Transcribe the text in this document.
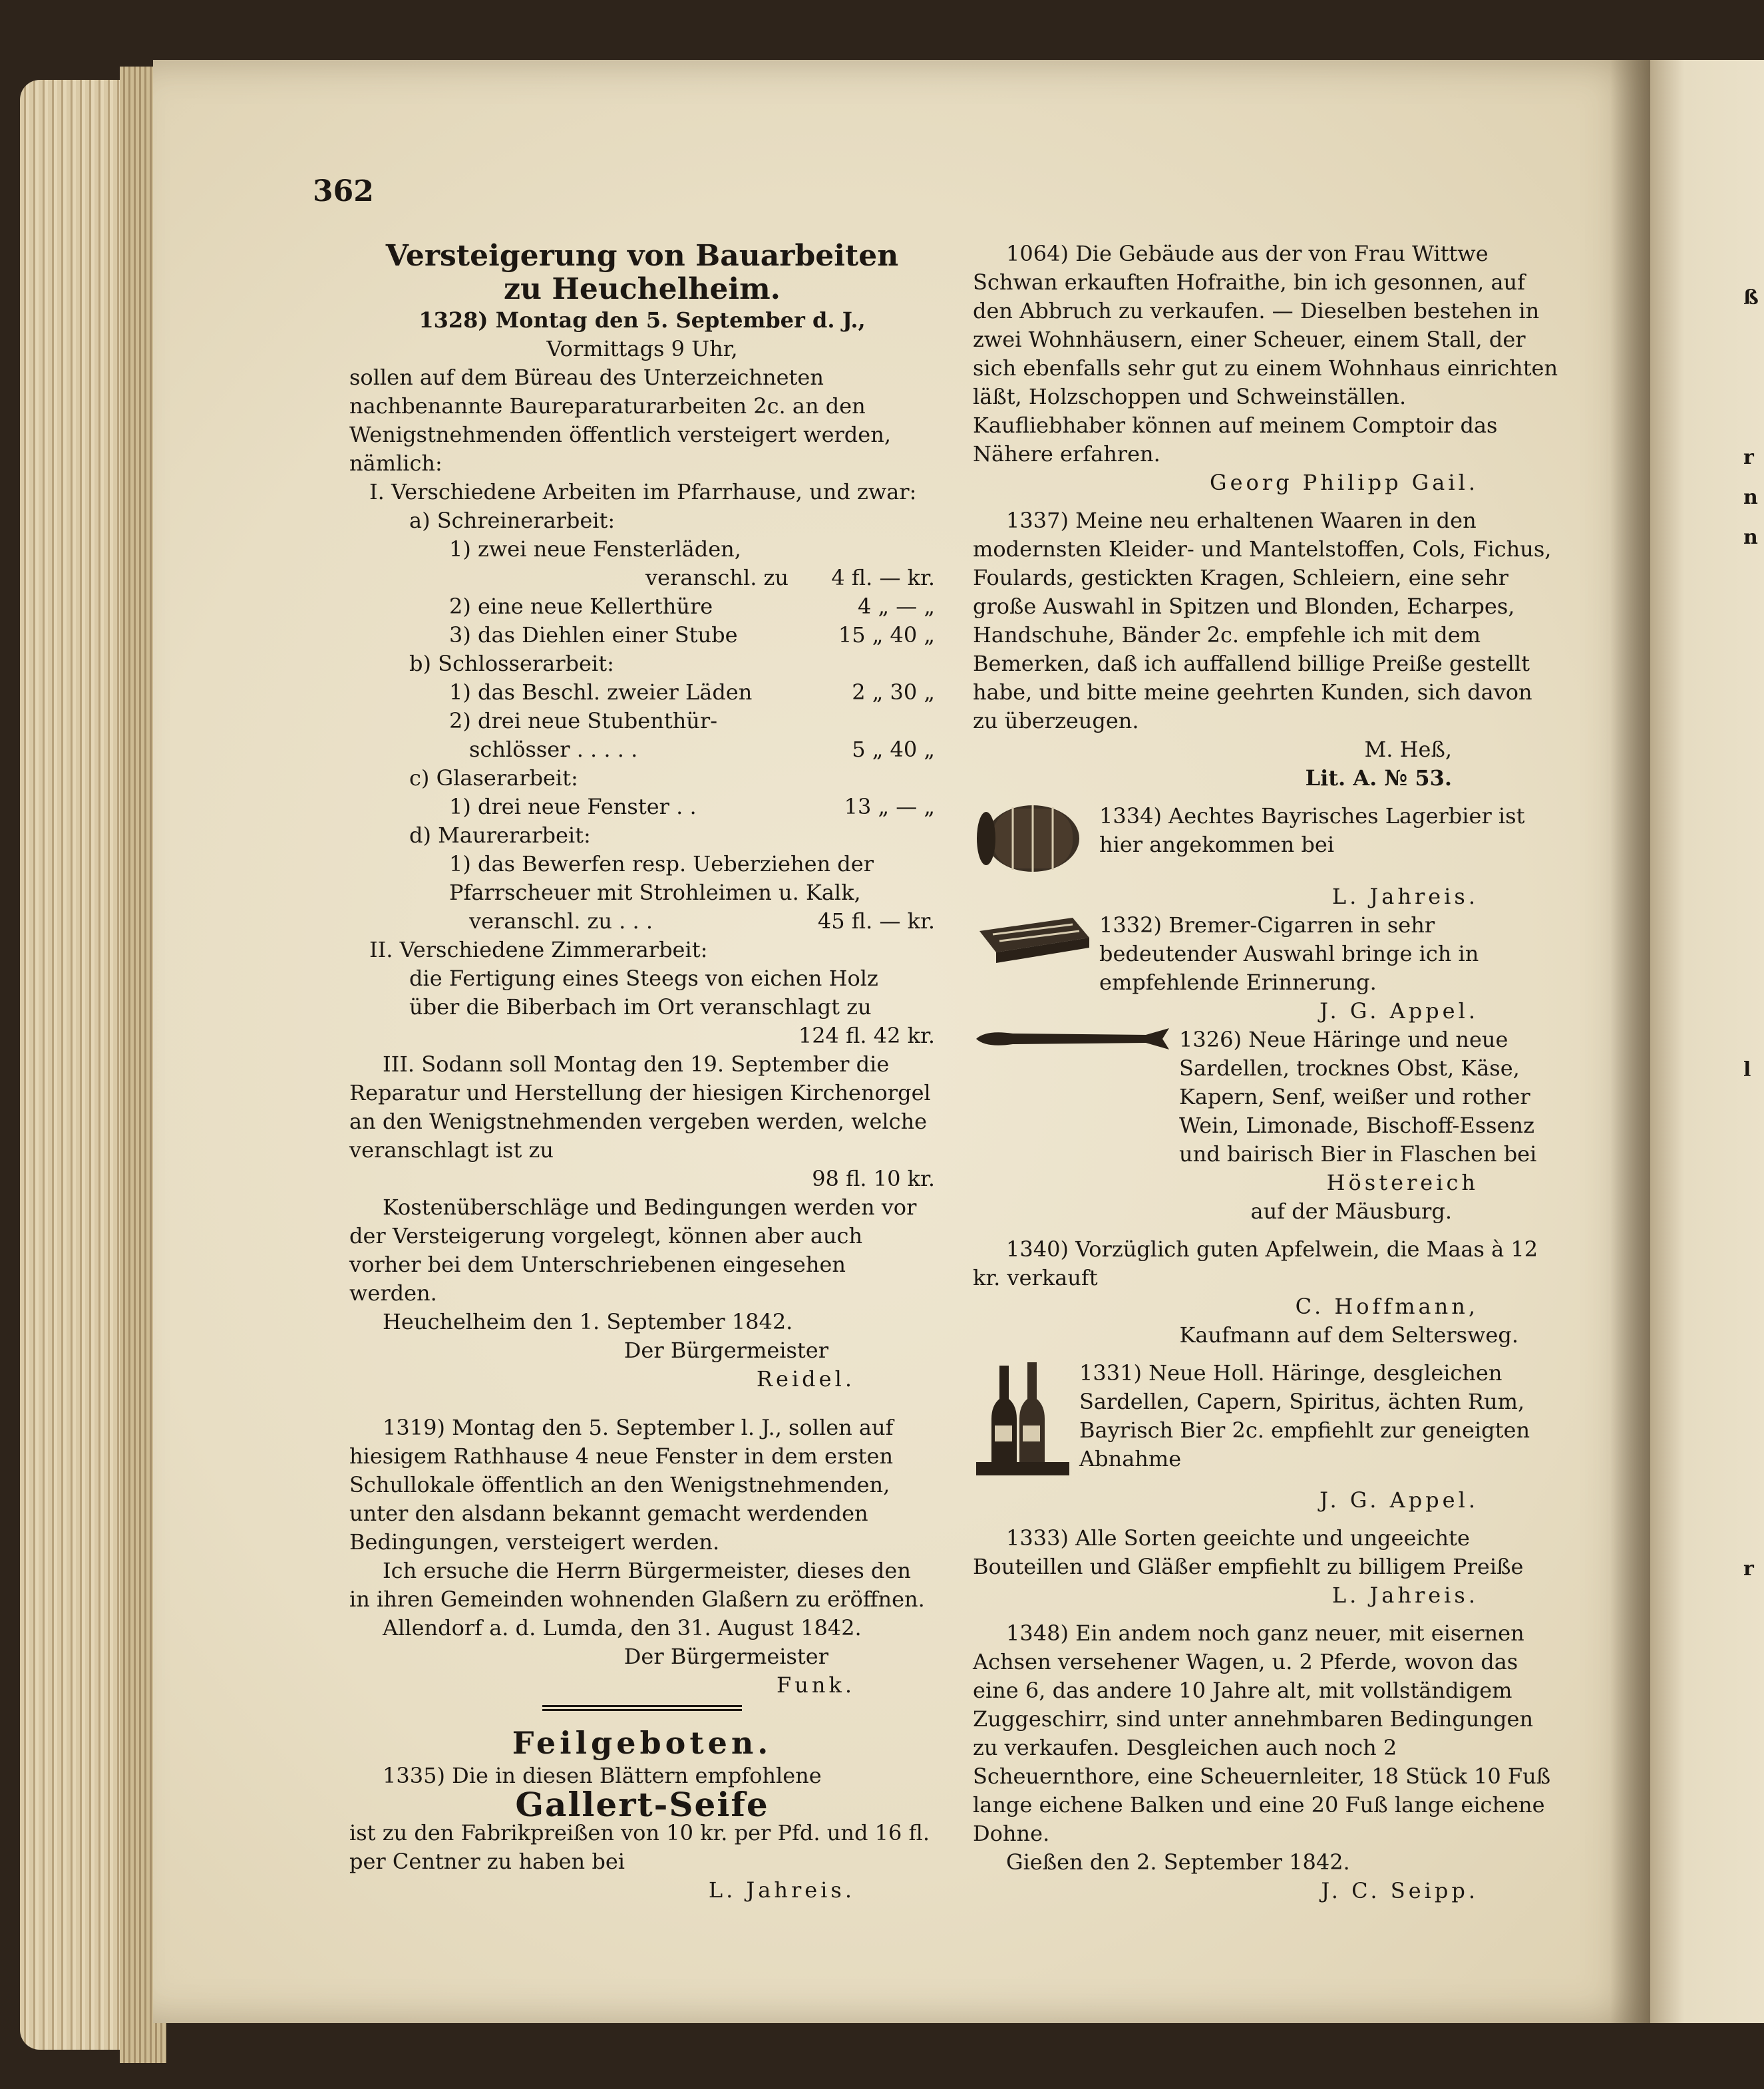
ß
r
n
n
l
r
362
Versteigerung von Bauarbeiten
zu Heuchelheim.
1328) Montag den 5. September d. J.,
Vormittags 9 Uhr,
sollen auf dem Büreau des Unterzeichneten nachbenannte Baureparaturarbeiten 2c. an den Wenigstnehmenden öffentlich versteigert werden, nämlich:
I. Verschiedene Arbeiten im Pfarrhause, und zwar:
a) Schreinerarbeit:
1) zwei neue Fensterläden,
veranschl. zu	4 fl. — kr.
2) eine neue Kellerthüre	4 „ — „
3) das Diehlen einer Stube	15 „ 40 „
b) Schlosserarbeit:
1) das Beschl. zweier Läden	2 „ 30 „
2) drei neue Stubenthür-
schlösser . . . . .	5 „ 40 „
c) Glaserarbeit:
1) drei neue Fenster . .	13 „ — „
d) Maurerarbeit:
1) das Bewerfen resp. Ueberziehen der Pfarrscheuer mit Strohleimen u. Kalk,
veranschl. zu . . .	45 fl. — kr.
II. Verschiedene Zimmerarbeit:
die Fertigung eines Steegs von eichen Holz über die Biberbach im Ort veranschlagt zu
124 fl. 42 kr.
III. Sodann soll Montag den 19. September die Reparatur und Herstellung der hiesigen Kirchenorgel an den Wenigstnehmenden vergeben werden, welche veranschlagt ist zu
98 fl. 10 kr.
Kostenüberschläge und Bedingungen werden vor der Versteigerung vorgelegt, können aber auch vorher bei dem Unterschriebenen eingesehen werden.
Heuchelheim den 1. September 1842.
Der Bürgermeister
Reidel.
1319) Montag den 5. September l. J., sollen auf hiesigem Rathhause 4 neue Fenster in dem ersten Schullokale öffentlich an den Wenigstnehmenden, unter den alsdann bekannt gemacht werdenden Bedingungen, versteigert werden.
Ich ersuche die Herrn Bürgermeister, dieses den in ihren Gemeinden wohnenden Glaßern zu eröffnen.
Allendorf a. d. Lumda, den 31. August 1842.
Der Bürgermeister
Funk.
Feilgeboten.
1335) Die in diesen Blättern empfohlene
Gallert-Seife
ist zu den Fabrikpreißen von 10 kr. per Pfd. und 16 fl. per Centner zu haben bei
L. Jahreis.
1064) Die Gebäude aus der von Frau Wittwe Schwan erkauften Hofraithe, bin ich gesonnen, auf den Abbruch zu verkaufen. — Dieselben bestehen in zwei Wohnhäusern, einer Scheuer, einem Stall, der sich ebenfalls sehr gut zu einem Wohnhaus einrichten läßt, Holzschoppen und Schweinställen. Kaufliebhaber können auf meinem Comptoir das Nähere erfahren.
Georg Philipp Gail.
1337) Meine neu erhaltenen Waaren in den modernsten Kleider- und Mantelstoffen, Cols, Fichus, Foulards, gestickten Kragen, Schleiern, eine sehr große Auswahl in Spitzen und Blonden, Echarpes, Handschuhe, Bänder 2c. empfehle ich mit dem Bemerken, daß ich auffallend billige Preiße gestellt habe, und bitte meine geehrten Kunden, sich davon zu überzeugen.
M. Heß,
Lit. A. № 53.
1334) Aechtes Bayrisches Lagerbier ist hier angekommen bei
L. Jahreis.
1332) Bremer-Cigarren in sehr bedeutender Auswahl bringe ich in empfehlende Erinnerung.
J. G. Appel.
1326) Neue Häringe und neue Sardellen, trocknes Obst, Käse, Kapern, Senf, weißer und rother Wein, Limonade, Bischoff-Essenz und bairisch Bier in Flaschen bei
Höstereich
auf der Mäusburg.
1340) Vorzüglich guten Apfelwein, die Maas à 12 kr. verkauft
C. Hoffmann,
Kaufmann auf dem Seltersweg.
1331) Neue Holl. Häringe, desgleichen Sardellen, Capern, Spiritus, ächten Rum, Bayrisch Bier 2c. empfiehlt zur geneigten Abnahme
J. G. Appel.
1333) Alle Sorten geeichte und ungeeichte Bouteillen und Gläßer empfiehlt zu billigem Preiße
L. Jahreis.
1348) Ein andem noch ganz neuer, mit eisernen Achsen versehener Wagen, u. 2 Pferde, wovon das eine 6, das andere 10 Jahre alt, mit vollständigem Zuggeschirr, sind unter annehmbaren Bedingungen zu verkaufen. Desgleichen auch noch 2 Scheuernthore, eine Scheuernleiter, 18 Stück 10 Fuß lange eichene Balken und eine 20 Fuß lange eichene Dohne.
Gießen den 2. September 1842.
J. C. Seipp.
